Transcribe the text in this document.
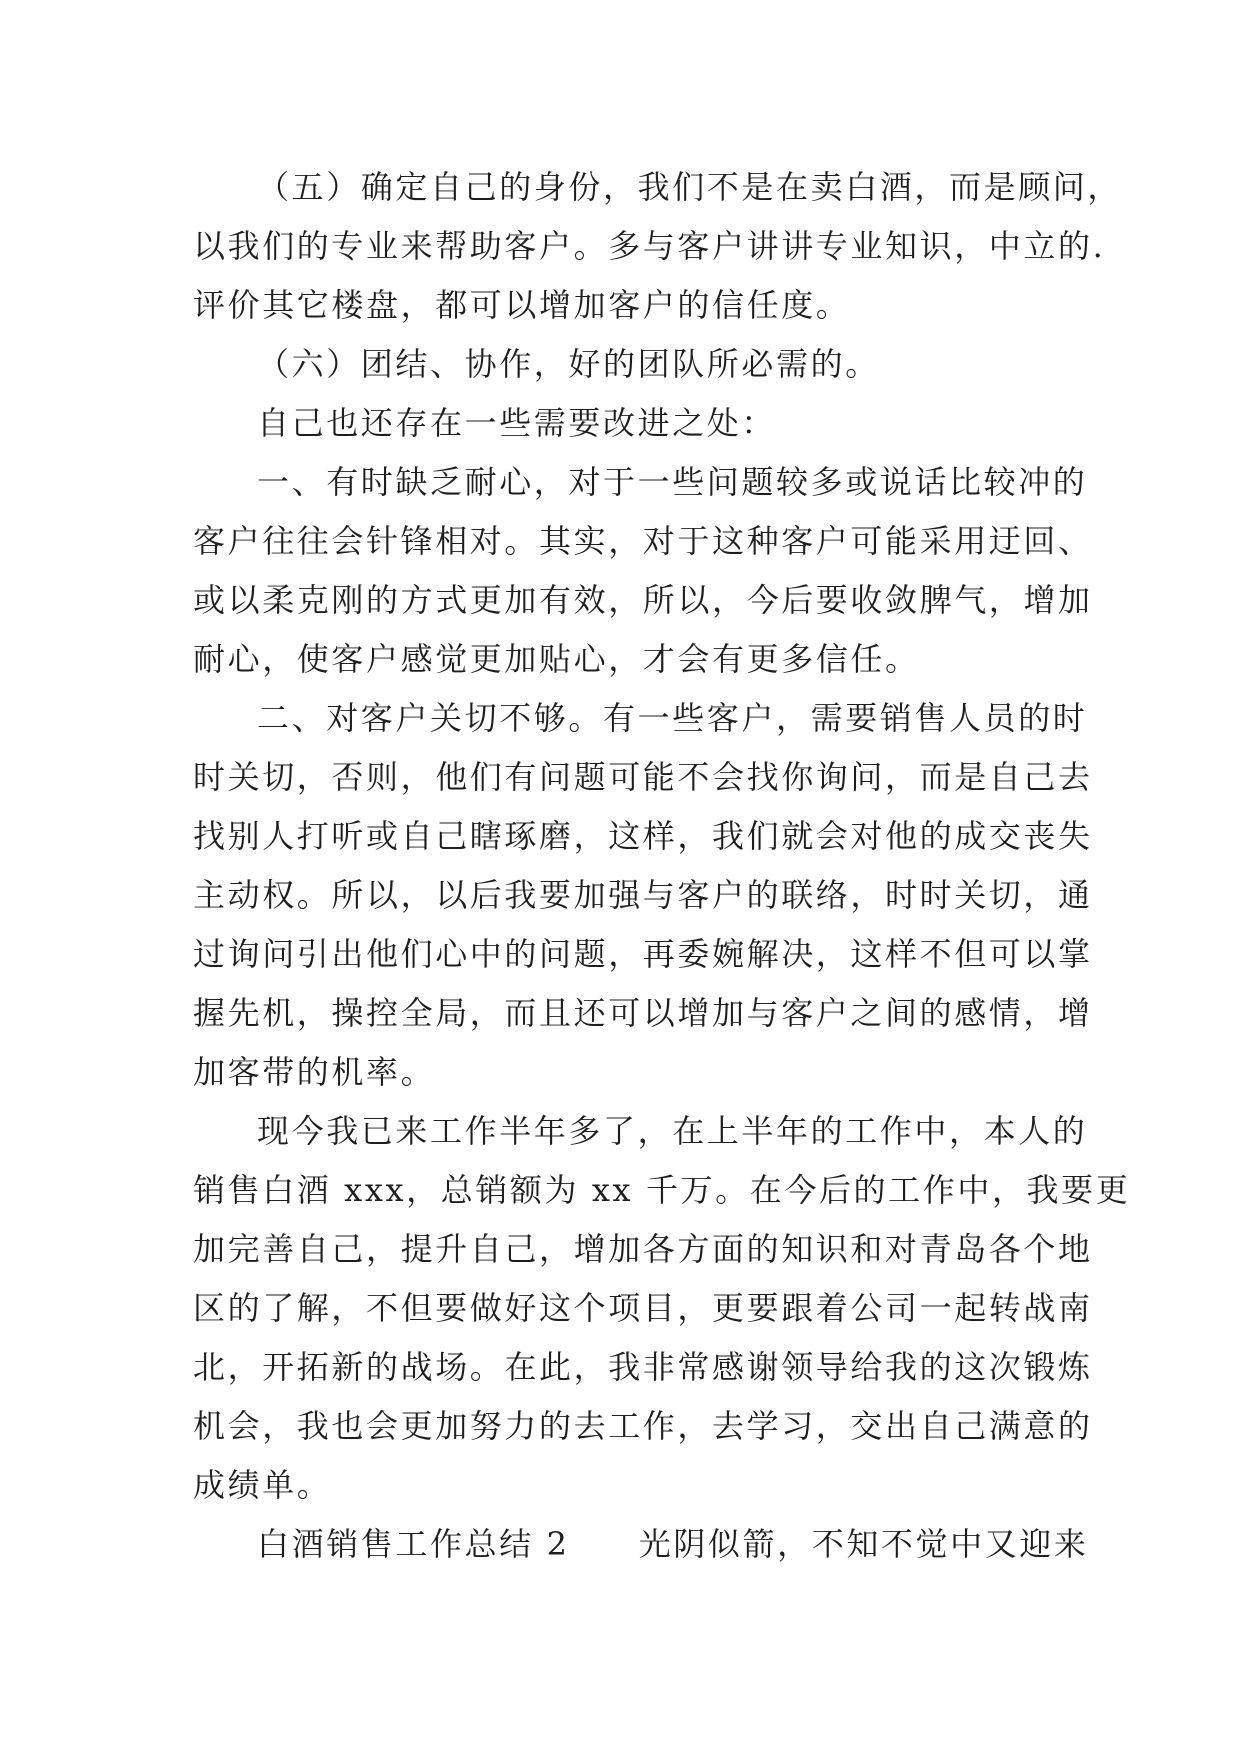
（五）确定自己的身份，我们不是在卖白酒，而是顾问，
以我们的专业来帮助客户。多与客户讲讲专业知识，中立的.
评价其它楼盘，都可以增加客户的信任度。
（六）团结、协作，好的团队所必需的。
自己也还存在一些需要改进之处：
一、有时缺乏耐心，对于一些问题较多或说话比较冲的
客户往往会针锋相对。其实，对于这种客户可能采用迂回、
或以柔克刚的方式更加有效，所以，今后要收敛脾气，增加
耐心，使客户感觉更加贴心，才会有更多信任。
二、对客户关切不够。有一些客户，需要销售人员的时
时关切，否则，他们有问题可能不会找你询问，而是自己去
找别人打听或自己瞎琢磨，这样，我们就会对他的成交丧失
主动权。所以，以后我要加强与客户的联络，时时关切，通
过询问引出他们心中的问题，再委婉解决，这样不但可以掌
握先机，操控全局，而且还可以增加与客户之间的感情，增
加客带的机率。
现今我已来工作半年多了，在上半年的工作中，本人的
销售白酒 xxx，总销额为 xx 千万。在今后的工作中，我要更
加完善自己，提升自己，增加各方面的知识和对青岛各个地
区的了解，不但要做好这个项目，更要跟着公司一起转战南
北，开拓新的战场。在此，我非常感谢领导给我的这次锻炼
机会，我也会更加努力的去工作，去学习，交出自己满意的
成绩单。
白酒销售工作总结 2　　光阴似箭，不知不觉中又迎来
